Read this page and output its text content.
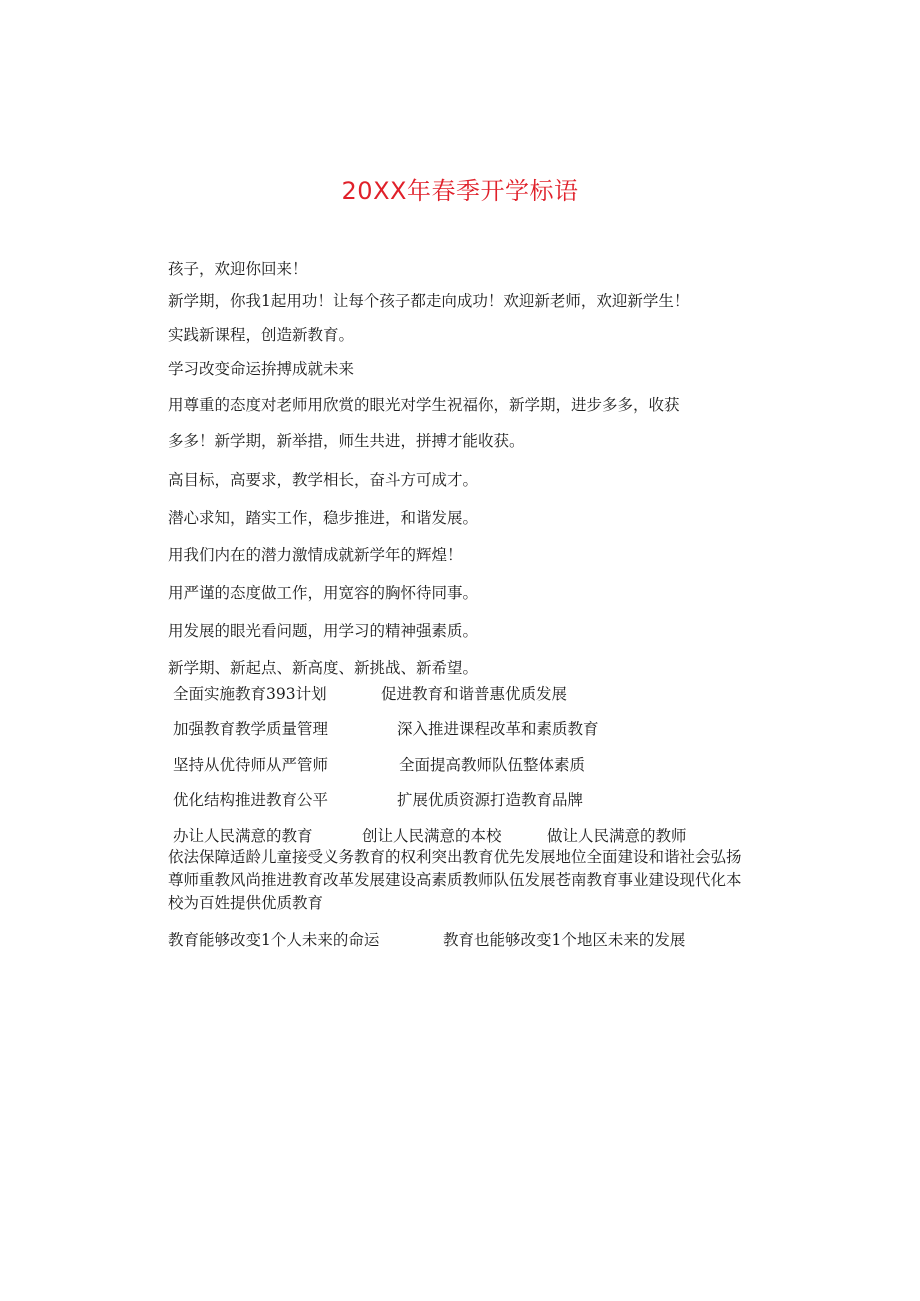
20XX年春季开学标语

孩子，欢迎你回来！

新学期，你我1起用功！让每个孩子都走向成功！欢迎新老师，欢迎新学生！

实践新课程，创造新教育。

学习改变命运拚搏成就未来

用尊重的态度对老师用欣赏的眼光对学生祝福你，新学期，进步多多，收获

多多！新学期，新举措，师生共进，拼搏才能收获。

高目标，高要求，教学相长，奋斗方可成才。

潜心求知，踏实工作，稳步推进，和谐发展。

用我们内在的潜力激情成就新学年的辉煌！

用严谨的态度做工作，用宽容的胸怀待同事。

用发展的眼光看问题，用学习的精神强素质。

新学期、新起点、新高度、新挑战、新希望。

全面实施教育393计划	促进教育和谐普惠优质发展
加强教育教学质量管理	深入推进课程改革和素质教育
坚持从优待师从严管师	全面提高教师队伍整体素质
优化结构推进教育公平	扩展优质资源打造教育品牌
办让人民满意的教育	创让人民满意的本校	做让人民满意的教师

依法保障适龄儿童接受义务教育的权利突出教育优先发展地位全面建设和谐社会弘扬尊师重教风尚推进教育改革发展建设高素质教师队伍发展苍南教育事业建设现代化本校为百姓提供优质教育

教育能够改变1个人未来的命运	教育也能够改变1个地区未来的发展
